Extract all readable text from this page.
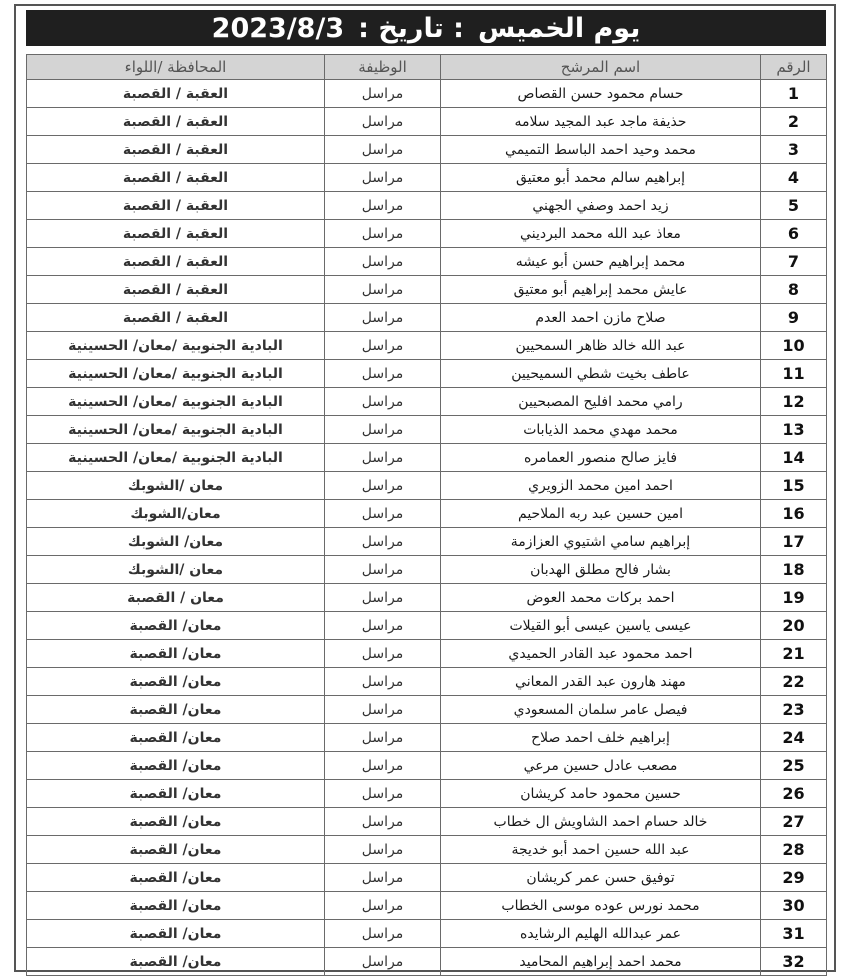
يوم الخميس
: تاريخ :
2023/8/3
الرقم	اسم المرشح	الوظيفة	المحافظة /اللواء
1	حسام محمود حسن القصاص	مراسل	العقبة / القصبة
2	حذيفة ماجد عبد المجيد سلامه	مراسل	العقبة / القصبة
3	محمد وحيد احمد الباسط التميمي	مراسل	العقبة / القصبة
4	إبراهيم سالم محمد أبو معتيق	مراسل	العقبة / القصبة
5	زيد احمد وصفي الجهني	مراسل	العقبة / القصبة
6	معاذ عبد الله محمد البرديني	مراسل	العقبة / القصبة
7	محمد إبراهيم حسن أبو عيشه	مراسل	العقبة / القصبة
8	عايش محمد إبراهيم أبو معتيق	مراسل	العقبة / القصبة
9	صلاح مازن احمد العدم	مراسل	العقبة / القصبة
10	عبد الله خالد ظاهر السمحيين	مراسل	البادية الجنوبية /معان/ الحسينية
11	عاطف بخيت شطي السميحيين	مراسل	البادية الجنوبية /معان/ الحسينية
12	رامي محمد افليح المصبحيين	مراسل	البادية الجنوبية /معان/ الحسينية
13	محمد مهدي محمد الذيابات	مراسل	البادية الجنوبية /معان/ الحسينية
14	فايز صالح منصور العمامره	مراسل	البادية الجنوبية /معان/ الحسينية
15	احمد امين محمد الزويري	مراسل	معان /الشوبك
16	امين حسين عبد ربه الملاحيم	مراسل	معان/الشوبك
17	إبراهيم سامي اشتيوي العزازمة	مراسل	معان/ الشوبك
18	بشار فالح مطلق الهدبان	مراسل	معان /الشوبك
19	احمد بركات محمد العوض	مراسل	معان / القصبة
20	عيسى ياسين عيسى أبو القيلات	مراسل	معان/ القصبة
21	احمد محمود عبد القادر الحميدي	مراسل	معان/ القصبة
22	مهند هارون عبد القدر المعاني	مراسل	معان/ القصبة
23	فيصل عامر سلمان المسعودي	مراسل	معان/ القصبة
24	إبراهيم خلف احمد صلاح	مراسل	معان/ القصبة
25	مصعب عادل حسين مرعي	مراسل	معان/ القصبة
26	حسين محمود حامد كريشان	مراسل	معان/ القصبة
27	خالد حسام احمد الشاويش ال خطاب	مراسل	معان/ القصبة
28	عبد الله حسين احمد أبو خديجة	مراسل	معان/ القصبة
29	توفيق حسن عمر كريشان	مراسل	معان/ القصبة
30	محمد نورس عوده موسى الخطاب	مراسل	معان/ القصبة
31	عمر عبدالله الهليم الرشايده	مراسل	معان/ القصبة
32	محمد احمد إبراهيم المحاميد	مراسل	معان/ القصبة
